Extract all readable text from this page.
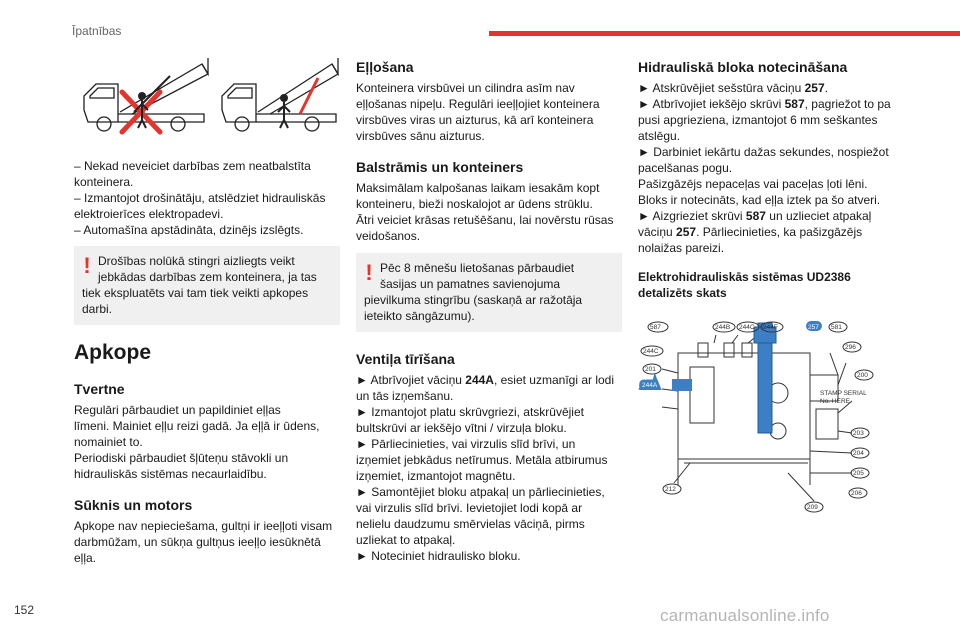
Īpatnības

– Nekad neveiciet darbības zem neatbalstīta
konteinera.
– Izmantojot drošinātāju, atslēdziet hidrauliskās
elektroierīces elektropadevi.
– Automašīna apstādināta, dzinējs izslēgts.

! Drošības nolūkā stingri aizliegts veikt
jebkādas darbības zem konteinera, ja tas
tiek ekspluatēts vai tam tiek veikti apkopes
darbi.
Apkope
Tvertne

Regulāri pārbaudiet un papildiniet eļļas
līmeni. Mainiet eļļu reizi gadā. Ja eļļā ir ūdens,
nomainiet to.
Periodiski pārbaudiet šļūteņu stāvokli un
hidrauliskās sistēmas necaurlaidību.

Sūknis un motors

Apkope nav nepieciešama, gultņi ir ieeļļoti visam
darbmūžam, un sūkņa gultņus ieeļļo iesūknētā
eļļa.

Eļļošana

Konteinera virsbūvei un cilindra asīm nav
eļļošanas nipeļu. Regulāri ieeļļojiet konteinera
virsbūves viras un aizturus, kā arī konteinera
virsbūves sānu aizturus.

Balstrāmis un konteiners

Maksimālam kalpošanas laikam iesakām kopt
konteineru, bieži noskalojot ar ūdens strūklu.
Ātri veiciet krāsas retušēšanu, lai novērstu rūsas
veidošanos.

! Pēc 8 mēnešu lietošanas pārbaudiet
šasijas un pamatnes savienojuma
pievilkuma stingrību (saskaņā ar ražotāja
ieteikto sāngāzumu).
Ventiļa tīrīšana

► Atbrīvojiet vāciņu 244A, esiet uzmanīgi ar lodi
un tās izņemšanu.
► Izmantojot platu skrūvgriezi, atskrūvējiet
bultskrūvi ar iekšējo vītni / virzuļa bloku.
► Pārliecinieties, vai virzulis slīd brīvi, un
izņemiet jebkādus netīrumus. Metāla atbirumus
izņemiet, izmantojot magnētu.
► Samontējiet bloku atpakaļ un pārliecinieties,
vai virzulis slīd brīvi. Ievietojiet lodi kopā ar
nelielu daudzumu smērvielas vāciņā, pirms
uzliekat to atpakaļ.
► Noteciniet hidraulisko bloku.

Hidrauliskā bloka notecināšana

► Atskrūvējiet sešstūra vāciņu 257.
► Atbrīvojiet iekšējo skrūvi 587, pagriežot to pa
pusi apgrieziena, izmantojot 6 mm seškantes
atslēgu.
► Darbiniet iekārtu dažas sekundes, nospiežot
pacelšanas pogu.
Pašizgāzējs nepaceļas vai paceļas ļoti lēni.
Bloks ir notecināts, kad eļļa iztek pa šo atveri.
► Aizgrieziet skrūvi 587 un uzlieciet atpakaļ
vāciņu 257. Pārliecinieties, ka pašizgāzējs
nolaižas pareizi.

Elektrohidrauliskās sistēmas UD2386
detalizēts skats
587	244B 244C 244F	257 581
296
200
244C
201
244A
STAMP SERIAL
No. HERE
203
204
205
206
209
212
152	carmanualsonline.info
